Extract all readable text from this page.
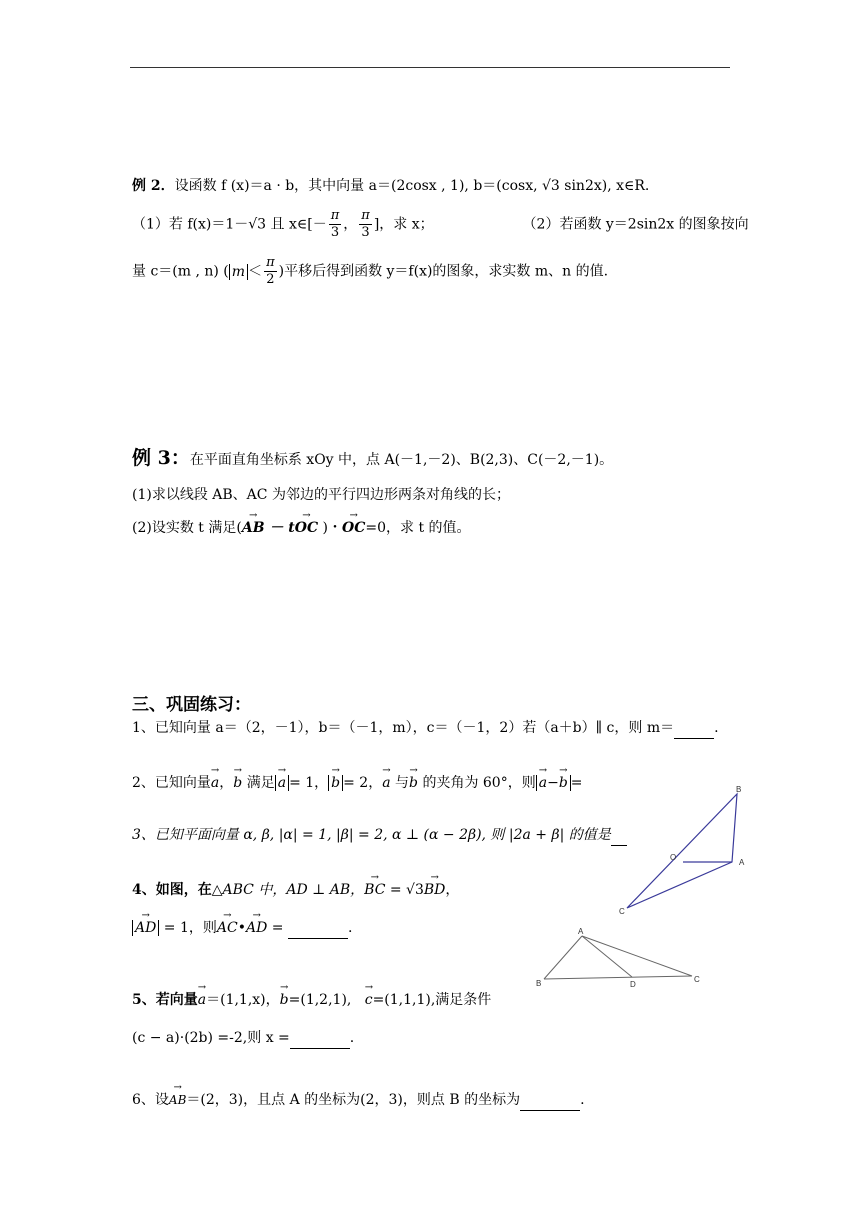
例 2．设函数 f (x)＝a · b，其中向量 a＝(2cosx , 1), b＝(cosx, √3 sin2x), x∈R.
（1）若 f(x)＝1－√3 且 x∈[－ $\frac{\pi}{3}$ ， $\frac{\pi}{3}$ ]，求 x；	（2）若函数 y＝2sin2x 的图象按向
量 c＝(m , n) ( $m < \frac{\pi}{2}$ )平移后得到函数 y＝f(x)的图象，求实数 m、n 的值.
例 3：在平面直角坐标系 xOy 中，点 A(－1,－2)、B(2,3)、C(－2,－1)。
(1)求以线段 AB、AC 为邻边的平行四边形两条对角线的长；
(2)设实数 t 满足(→ AB － t→ OC )・→ OC=0，求 t 的值。
三、巩固练习：
1、已知向量 a＝（2，－1），b＝（－1，m），c＝（－1，2）若（a＋b）∥ c，则 m＝	.
2、已知向量→ a，→ b 满足 → a = 1， → b = 2，→ a 与→ b 的夹角为 60°，则 → a−→ b =
3、已知平面向量 α, β, |α| = 1, |β| = 2, α ⊥ (α − 2β), 则 |2a + β| 的值是
4、如图，在△ABC 中，AD ⊥ AB，→ BC = √3→ BD，
→ AD = 1，则→ AC•→ AD =	.
5、若向量→ a＝(1,1,x)，→ b=(1,2,1), → c=(1,1,1),满足条件
(c − a)·(2b) =-2,则 x =	.
6、设→ AB＝(2，3)，且点 A 的坐标为(2，3)，则点 B 的坐标为	.
B
O
A
C
A
B	D
C
